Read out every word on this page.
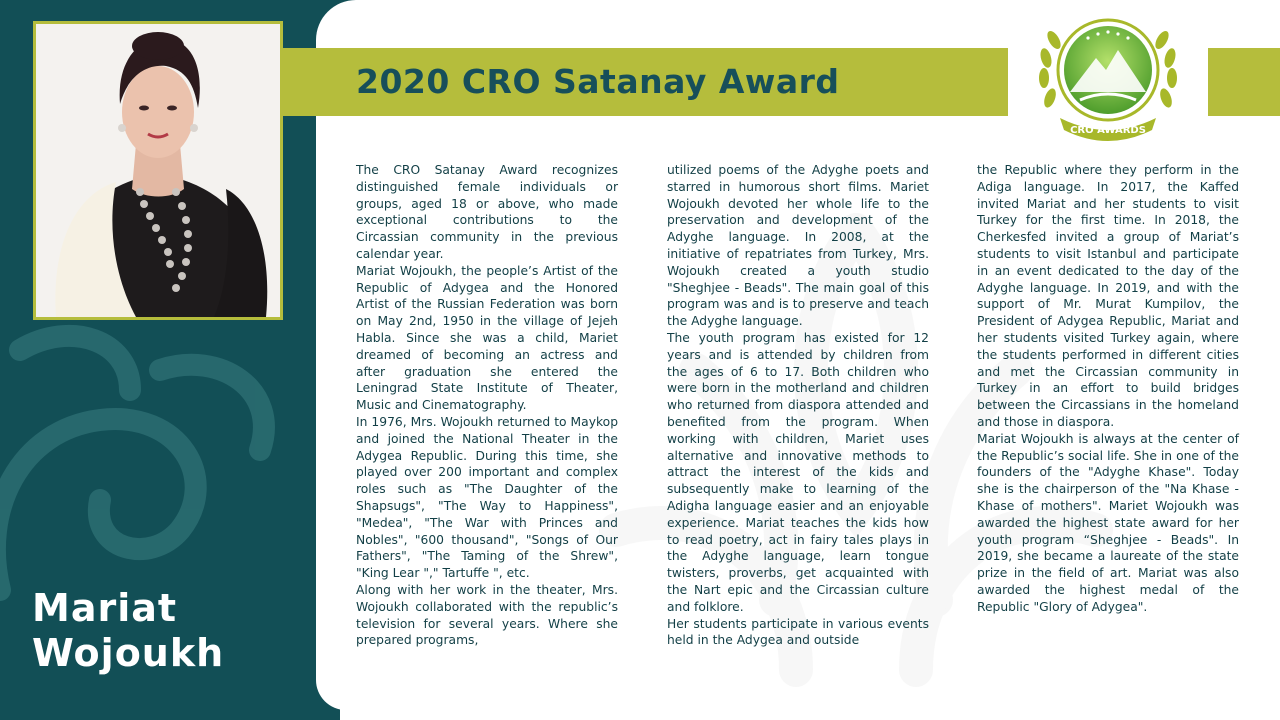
2020 CRO Satanay Award
CRO AWARDS
Mariat Wojoukh

The CRO Satanay Award recognizes distinguished female individuals or groups, aged 18 or above, who made exceptional contributions to the Circassian community in the previous calendar year.

Mariat Wojoukh, the people’s Artist of the Republic of Adygea and the Honored Artist of the Russian Federation was born on May 2nd, 1950 in the village of Jejeh Habla. Since she was a child, Mariet dreamed of becoming an actress and after graduation she entered the Leningrad State Institute of Theater, Music and Cinematography.

In 1976, Mrs. Wojoukh returned to Maykop and joined the National Theater in the Adygea Republic. During this time, she played over 200 important and complex roles such as "The Daughter of the Shapsugs", "The Way to Happiness", "Medea", "The War with Princes and Nobles", "600 thousand", "Songs of Our Fathers", "The Taming of the Shrew", "King Lear "," Tartuffe ", etc.

Along with her work in the theater, Mrs. Wojoukh collaborated with the republic’s television for several years. Where she prepared programs,

utilized poems of the Adyghe poets and starred in humorous short films. Mariet Wojoukh devoted her whole life to the preservation and development of the Adyghe language. In 2008, at the initiative of repatriates from Turkey, Mrs. Wojoukh created a youth studio "Sheghjee - Beads". The main goal of this program was and is to preserve and teach the Adyghe language.

The youth program has existed for 12 years and is attended by children from the ages of 6 to 17. Both children who were born in the motherland and children who returned from diaspora attended and benefited from the program. When working with children, Mariet uses alternative and innovative methods to attract the interest of the kids and subsequently make to learning of the Adigha language easier and an enjoyable experience. Mariat teaches the kids how to read poetry, act in fairy tales plays in the Adyghe language, learn tongue twisters, proverbs, get acquainted with the Nart epic and the Circassian culture and folklore.

Her students participate in various events held in the Adygea and outside

the Republic where they perform in the Adiga language. In 2017, the Kaffed invited Mariat and her students to visit Turkey for the first time. In 2018, the Cherkesfed invited a group of Mariat’s students to visit Istanbul and participate in an event dedicated to the day of the Adyghe language. In 2019, and with the support of Mr. Murat Kumpilov, the President of Adygea Republic, Mariat and her students visited Turkey again, where the students performed in different cities and met the Circassian community in Turkey in an effort to build bridges between the Circassians in the homeland and those in diaspora.

Mariat Wojoukh is always at the center of the Republic’s social life. She in one of the founders of the "Adyghe Khase". Today she is the chairperson of the "Na Khase - Khase of mothers". Mariet Wojoukh was awarded the highest state award for her youth program “Sheghjee - Beads". In 2019, she became a laureate of the state prize in the field of art. Mariat was also awarded the highest medal of the Republic "Glory of Adygea".
